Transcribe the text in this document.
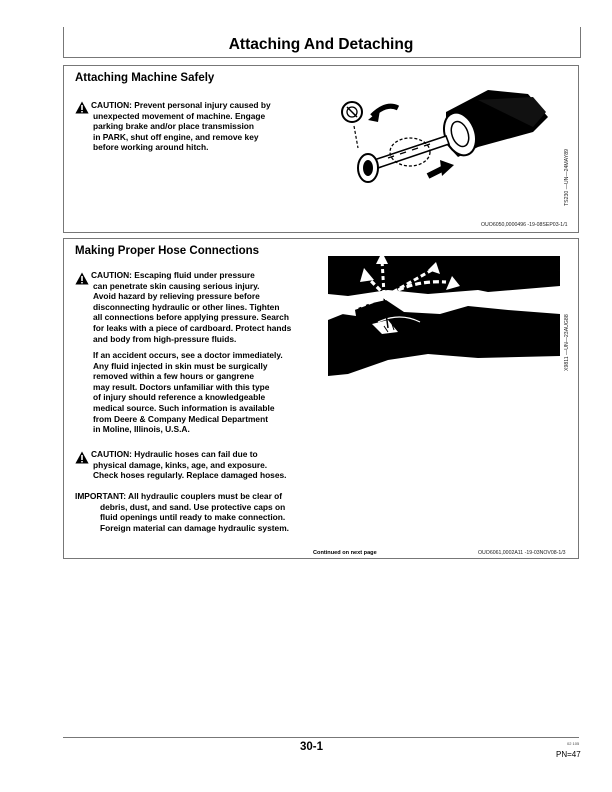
Attaching And Detaching
Attaching Machine Safely
CAUTION: Prevent personal injury caused by
unexpected movement of machine. Engage
parking brake and/or place transmission
in PARK, shut off engine, and remove key
before working around hitch.
TS230 —UN—24MAY89
OUO6050,0000496 -19-08SEP03-1/1
Making Proper Hose Connections
CAUTION: Escaping fluid under pressure
can penetrate skin causing serious injury.
Avoid hazard by relieving pressure before
disconnecting hydraulic or other lines. Tighten
all connections before applying pressure. Search
for leaks with a piece of cardboard. Protect hands
and body from high-pressure fluids.
If an accident occurs, see a doctor immediately.
Any fluid injected in skin must be surgically
removed within a few hours or gangrene
may result. Doctors unfamiliar with this type
of injury should reference a knowledgeable
medical source. Such information is available
from Deere & Company Medical Department
in Moline, Illinois, U.S.A.
CAUTION: Hydraulic hoses can fail due to
physical damage, kinks, age, and exposure.
Check hoses regularly. Replace damaged hoses.
IMPORTANT: All hydraulic couplers must be clear of
debris, dust, and sand. Use protective caps on
fluid openings until ready to make connection.
Foreign material can damage hydraulic system.
X9811 —UN—23AUG88
Continued on next page	OUO6061,0002A11 -19-03NOV08-1/3
30-1	02 105
PN=47
